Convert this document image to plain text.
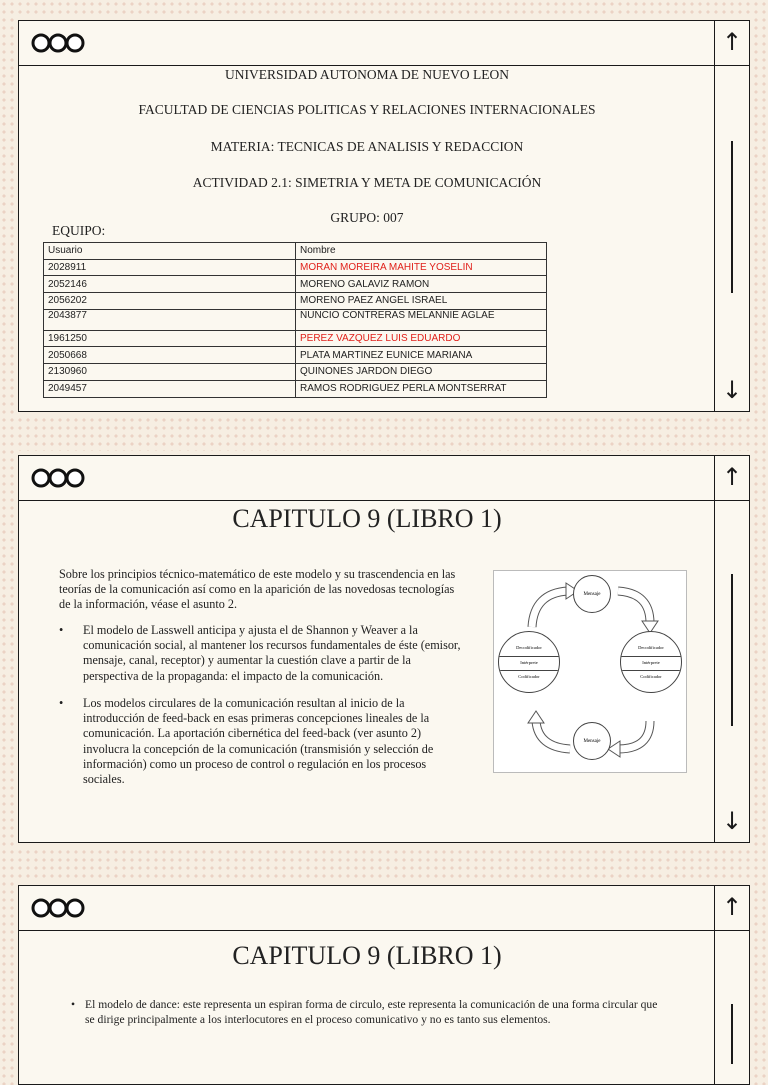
↑
↓
UNIVERSIDAD AUTONOMA DE NUEVO LEON
FACULTAD DE CIENCIAS POLITICAS Y RELACIONES INTERNACIONALES
MATERIA: TECNICAS DE ANALISIS Y REDACCION
ACTIVIDAD 2.1: SIMETRIA Y META DE COMUNICACIÓN
GRUPO: 007
EQUIPO:
Usuario	Nombre
2028911	MORAN MOREIRA MAHITE YOSELIN
2052146	MORENO GALAVIZ RAMON
2056202	MORENO PAEZ ANGEL ISRAEL
2043877	NUNCIO CONTRERAS MELANNIE AGLAE
1961250	PEREZ VAZQUEZ LUIS EDUARDO
2050668	PLATA MARTINEZ EUNICE MARIANA
2130960	QUINONES JARDON DIEGO
2049457	RAMOS RODRIGUEZ PERLA MONTSERRAT
↑
↓
CAPITULO 9 (LIBRO 1)
Sobre los principios técnico-matemático de este modelo y su trascendencia en las teorías de la comunicación así como en la aparición de las novedosas tecnologías de la información, véase el asunto 2.
• El modelo de Lasswell anticipa y ajusta el de Shannon y Weaver a la comunicación social, al mantener los recursos fundamentales de éste (emisor, mensaje, canal, receptor) y aumentar la cuestión clave a partir de la perspectiva de la propaganda: el impacto de la comunicación.
• Los modelos circulares de la comunicación resultan al inicio de la introducción de feed-back en esas primeras concepciones lineales de la comunicación. La aportación cibernética del feed-back (ver asunto 2) involucra la concepción de la comunicación (transmisión y selección de información) como un proceso de control o regulación en los procesos sociales.
Mensaje
Mensaje
Decodificador
Intérprete
Codificador
Decodificador
Intérprete
Codificador
↑
CAPITULO 9 (LIBRO 1)
• El modelo de dance: este representa un espiran forma de circulo, este representa la comunicación de una forma circular que se dirige principalmente a los interlocutores en el proceso comunicativo y no es tanto sus elementos.
